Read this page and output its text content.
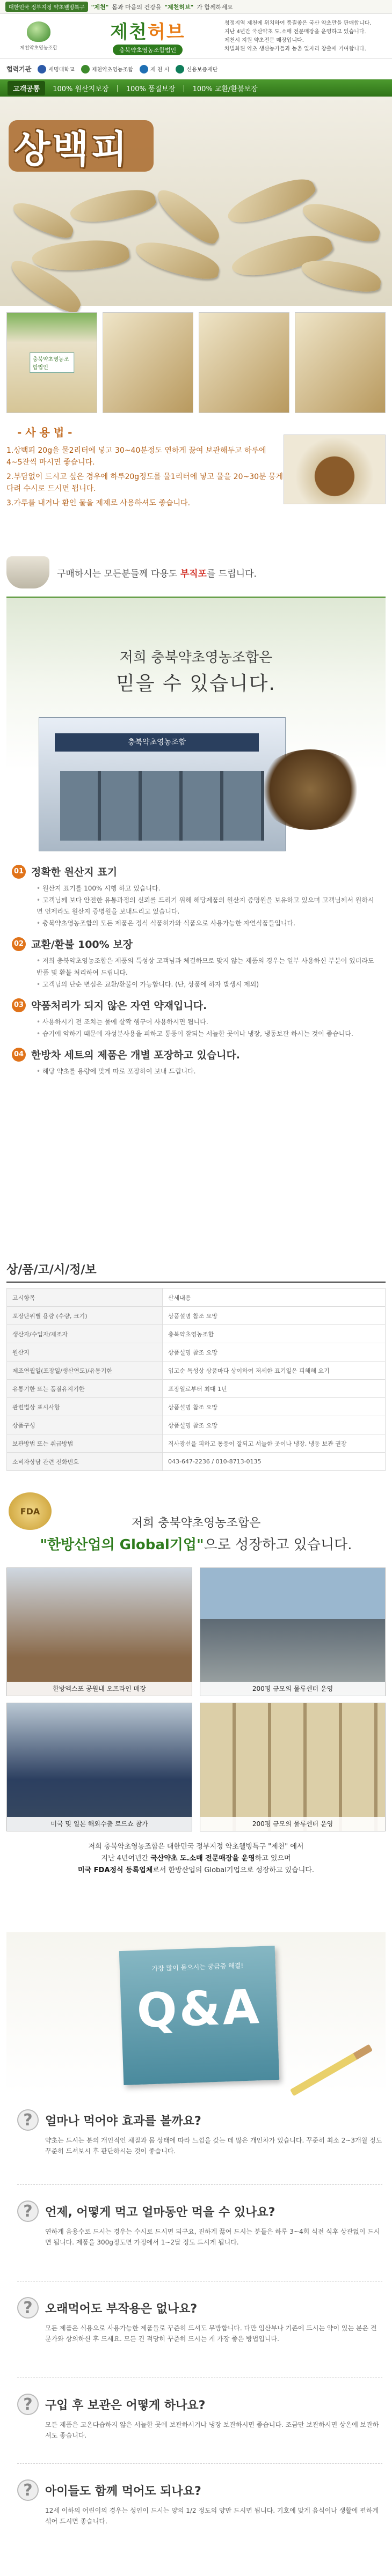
대한민국 정부지정 약초웰빙특구	"제천" 몸과 마음의 건강을 "제천허브" 가 함께하세요
제천약초영농조합
제천허브
충북약초영농조합법인
청정지역 제천에 위치하여 품질좋은 국산 약초만을 판매합니다.
지난 4년간 국산약초 도.소매 전문매장을 운영하고 있습니다.
제천시 지원 약초전문 매장입니다.
차별화된 약초 생산농가들과 농촌 일자리 창출에 기여합니다.
협력기관	세명대학교	제천약초영농조합	제 천 시	신용보증재단
고객공통	100% 원산지보장 | 100% 품질보장 | 100% 교환/환불보장
상백피
충북약초영농조합법인
- 사 용 법 -
1.상백피 20g을 물2리터에 넣고 30~40분정도 연하게 끓여 보관해두고 하루에 4~5잔씩 마시면 좋습니다.
2.부담없이 드시고 싶은 경우에 하루20g정도를 물1리터에 넣고 물을 20~30분 뭉게 다려 수시로 드시면 됩니다.
3.가루를 내거나 환인 물을 제제로 사용하셔도 좋습니다.
구매하시는 모든분들께 다용도 부직포를 드립니다.
저희 충북약초영농조합은
믿을 수 있습니다.
충북약초영농조합
01 정확한 원산지 표기

• 원산지 표기를 100% 시행 하고 있습니다.

• 고객님께 보다 안전한 유통과정의 신뢰를 드리기 위해 해당제품의 원산지 증명원을 보유하고 있으며 고객님께서 원하시면 언제라도 원산지 증명원을 보내드리고 있습니다.

• 충북약초영농조합의 모든 제품은 정식 식품허가와 식품으로 사용가능한 자연식품들입니다.

02 교환/환불 100% 보장

• 저희 충북약초영농조합은 제품의 특성상 고객님과 체결하므로 맞지 않는 제품의 경우는 일부 사용하신 부분이 있더라도 반품 및 환불 처리하여 드립니다.

• 고객님의 단순 변심은 교환/환불이 가능합니다. (단, 상품에 하자 발생시 제외)

03 약품처리가 되지 않은 자연 약재입니다.

• 사용하시기 전 조치는 물에 살짝 헹구어 사용하시면 됩니다.

• 습기에 약하기 때문에 자성분사용을 피하고 통풍이 잘되는 서늘한 곳이나 냉장, 냉동보관 하시는 것이 좋습니다.

04 한방차 세트의 제품은 개별 포장하고 있습니다.

• 해당 약초를 용량에 맞게 따로 포장하여 보내 드립니다.

상/품/고/시/정/보
고시항목	산세내용
포장단위별 용량 (수량, 크기)	상품설명 참조 요망
생산자/수입자/제조자	충북약초영농조합
원산지	상품설명 참조 요망
제조연월일(포장일/생산연도)/유통기한	입고순 특성상 상품마다 상이하여 저세한 표기일은 피해해 요기
유통기한 또는 품질유지기한	포장일로부터 최대 1년
관련법상 표시사항	상품설명 참조 요망
상품구성	상품설명 참조 요망
보관방법 또는 취급방법	직사광선을 피하고 통풍이 잘되고 서늘한 곳이나 냉장, 냉동 보관 권장
소비자상담 관련 전화번호	043-647-2236 / 010-8713-0135
FDA
저희 충북약초영농조합은
"한방산업의 Global기업"으로 성장하고 있습니다.
한방엑스포 공원내 오프라인 매장	200평 규모의 물류센터 운영
미국 및 일본 해외수출 로드쇼 참가	200평 규모의 물류센터 운영
저희 충북약초영농조합은 대한민국 정부지정 약초웰빙특구 "제천" 에서
지난 4년여년간 국산약초 도.소매 전문매장을 운영하고 있으며
미국 FDA정식 등록업체로서 한방산업의 Global기업으로 성장하고 있습니다.
가장 많이 물으시는 궁금증 해결!
Q&A
?	얼마나 먹어야 효과를 볼까요?
약초는 드시는 분의 개인적인 체질과 몸 상태에 따라 느낌을 갖는 데 많은 개인차가 있습니다. 꾸준히 최소 2~3개월 정도 꾸준히 드셔보시 후 판단하시는 것이 좋습니다.
?	언제, 어떻게 먹고 얼마동안 먹을 수 있나요?
연하게 음용수로 드시는 경우는 수시로 드시면 되구요, 진하게 끓여 드시는 분들은 하루 3~4회 식전 식후 상관없이 드시면 됩니다. 제품을 300g정도면 가정에서 1~2달 정도 드시게 됩니다.
?	오래먹어도 부작용은 없나요?
모든 제품은 식용으로 사용가능한 제품들로 꾸준히 드셔도 무방합니다. 다만 임산부나 기존에 드시는 약이 있는 분은 전문가와 상의하신 후 드세요. 모든 건 적당히 꾸준히 드시는 게 가장 좋은 방법입니다.
?	구입 후 보관은 어떻게 하나요?
모든 제품은 고온다습하지 않은 서늘한 곳에 보관하시거나 냉장 보관하시면 좋습니다. 조금만 보관하시면 상온에 보관하셔도 좋습니다.
?	아이들도 함께 먹어도 되나요?
12세 이하의 어린이의 경우는 성인이 드시는 양의 1/2 정도의 양만 드시면 됩니다. 기호에 맞게 음식이나 생활에 편하게 섞어 드시면 좋습니다.
